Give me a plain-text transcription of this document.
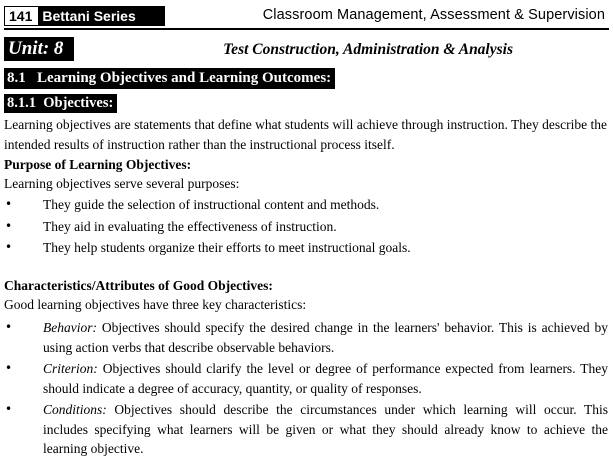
141 Bettani Series	Classroom Management, Assessment & Supervision
Unit: 8	Test Construction, Administration & Analysis
8.1   Learning Objectives and Learning Outcomes:
8.1.1  Objectives:

Learning objectives are statements that define what students will achieve through instruction. They describe the intended results of instruction rather than the instructional process itself.

Purpose of Learning Objectives:
Learning objectives serve several purposes:
• They guide the selection of instructional content and methods.
• They aid in evaluating the effectiveness of instruction.
• They help students organize their efforts to meet instructional goals.
Characteristics/Attributes of Good Objectives:
Good learning objectives have three key characteristics:
• Behavior: Objectives should specify the desired change in the learners' behavior. This is achieved by using action verbs that describe observable behaviors.
• Criterion: Objectives should clarify the level or degree of performance expected from learners. They should indicate a degree of accuracy, quantity, or quality of responses.
• Conditions: Objectives should describe the circumstances under which learning will occur. This includes specifying what learners will be given or what they should already know to achieve the learning objective.
